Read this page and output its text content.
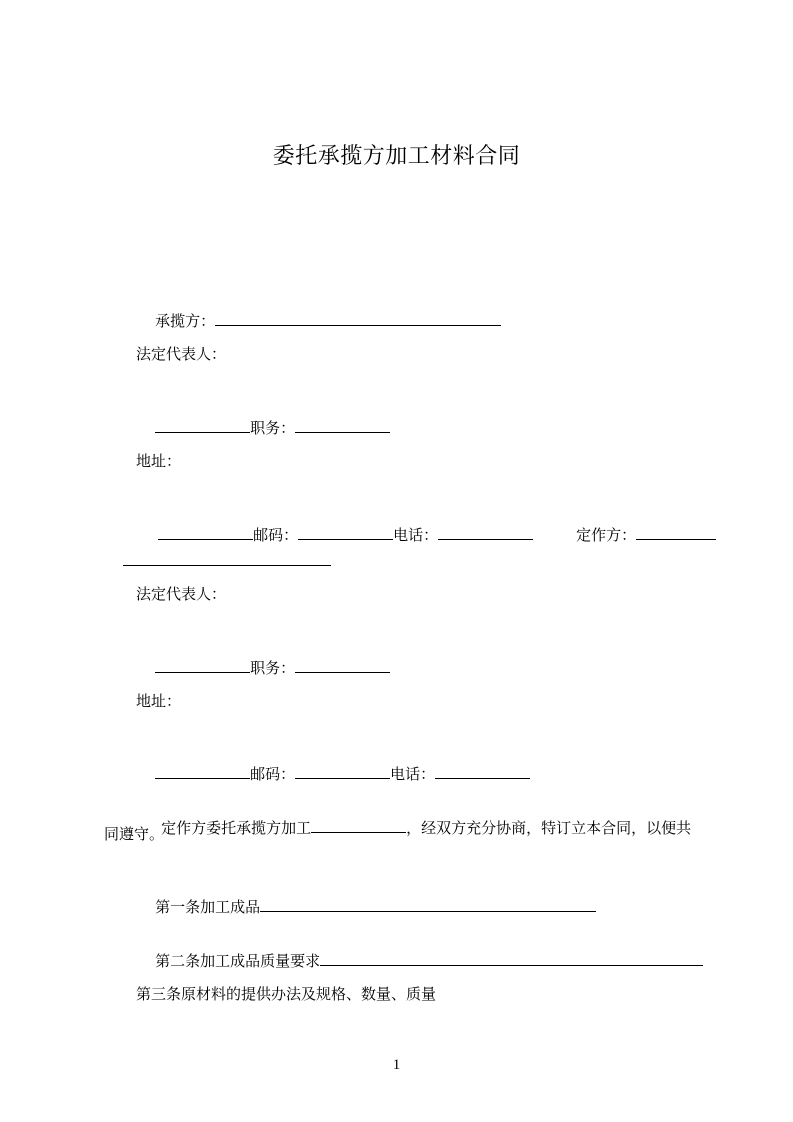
委托承揽方加工材料合同

承揽方：

法定代表人：

职务：

地址：

邮码：	电话：
	定作方：

法定代表人：

职务：

地址：

邮码：	电话：

定作方委托承揽方加工	，经双方充分协商，特订立本合同，以便共

同遵守。

第一条加工成品

第二条加工成品质量要求

第三条原材料的提供办法及规格、数量、质量
1
